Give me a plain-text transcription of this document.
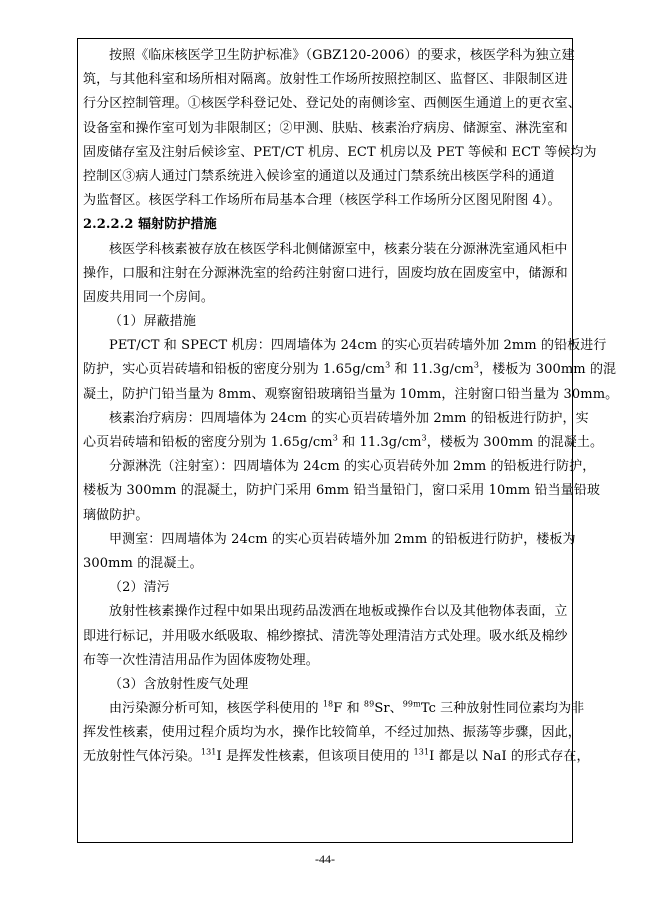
按照《临床核医学卫生防护标准》（GBZ120-2006）的要求，核医学科为独立建
筑，与其他科室和场所相对隔离。放射性工作场所按照控制区、监督区、非限制区进
行分区控制管理。①核医学科登记处、登记处的南侧诊室、西侧医生通道上的更衣室、
设备室和操作室可划为非限制区；②甲测、肤贴、核素治疗病房、储源室、淋洗室和
固废储存室及注射后候诊室、PET/CT 机房、ECT 机房以及 PET 等候和 ECT 等候均为
控制区③病人通过门禁系统进入候诊室的通道以及通过门禁系统出核医学科的通道
为监督区。核医学科工作场所布局基本合理（核医学科工作场所分区图见附图 4）。
2.2.2.2 辐射防护措施
核医学科核素被存放在核医学科北侧储源室中，核素分装在分源淋洗室通风柜中
操作，口服和注射在分源淋洗室的给药注射窗口进行，固废均放在固废室中，储源和
固废共用同一个房间。
（1）屏蔽措施
PET/CT 和 SPECT 机房：四周墙体为 24cm 的实心页岩砖墙外加 2mm 的铅板进行
防护，实心页岩砖墙和铅板的密度分别为 $1.65g/cm^3$ 和 $11.3g/cm^3$，楼板为 300mm 的混
凝土，防护门铅当量为 8mm、观察窗铅玻璃铅当量为 10mm，注射窗口铅当量为 30mm。
核素治疗病房：四周墙体为 24cm 的实心页岩砖墙外加 2mm 的铅板进行防护，实
心页岩砖墙和铅板的密度分别为 $1.65g/cm^3$ 和 $11.3g/cm^3$，楼板为 300mm 的混凝土。
分源淋洗（注射室）：四周墙体为 24cm 的实心页岩砖外加 2mm 的铅板进行防护，
楼板为 300mm 的混凝土，防护门采用 6mm 铅当量铅门，窗口采用 10mm 铅当量铅玻
璃做防护。
甲测室：四周墙体为 24cm 的实心页岩砖墙外加 2mm 的铅板进行防护，楼板为
300mm 的混凝土。
（2）清污
放射性核素操作过程中如果出现药品泼洒在地板或操作台以及其他物体表面，立
即进行标记，并用吸水纸吸取、棉纱擦拭、清洗等处理清洁方式处理。吸水纸及棉纱
布等一次性清洁用品作为固体废物处理。
（3）含放射性废气处理
由污染源分析可知，核医学科使用的 $^{18}$F 和 $^{89}$Sr、$^{99m}$Tc 三种放射性同位素均为非
挥发性核素，使用过程介质均为水，操作比较简单，不经过加热、振荡等步骤，因此，
无放射性气体污染。$^{131}$I 是挥发性核素，但该项目使用的 $^{131}$I 都是以 NaI 的形式存在，
-44-
